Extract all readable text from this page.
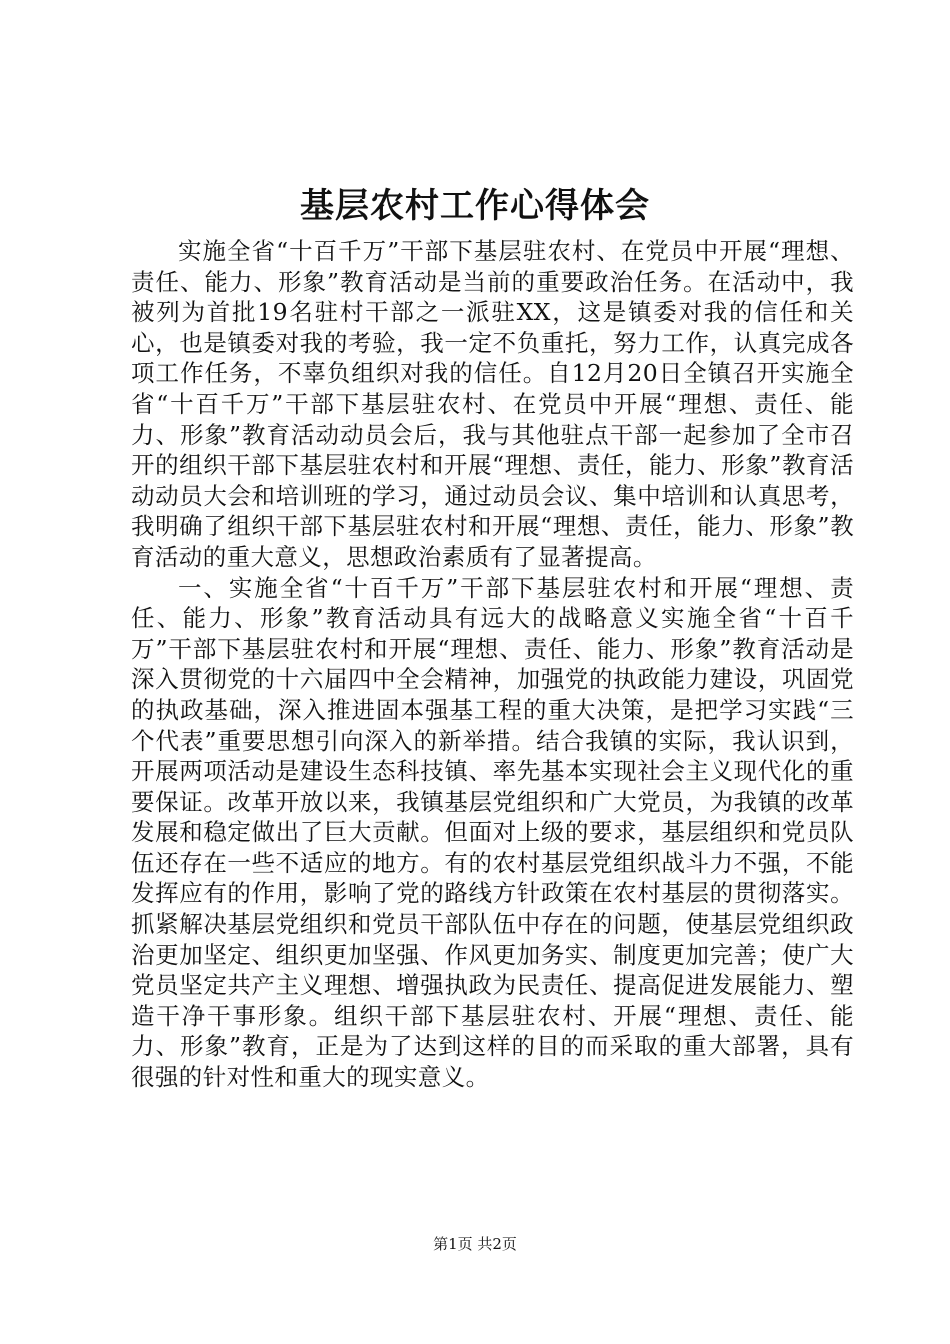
基层农村工作心得体会

实施全省“十百千万”干部下基层驻农村、在党员中开展“理想、责任、能力、形象”教育活动是当前的重要政治任务。在活动中，我被列为首批19名驻村干部之一派驻XX，这是镇委对我的信任和关心，也是镇委对我的考验，我一定不负重托，努力工作，认真完成各项工作任务，不辜负组织对我的信任。自12月20日全镇召开实施全省“十百千万”干部下基层驻农村、在党员中开展“理想、责任、能力、形象”教育活动动员会后，我与其他驻点干部一起参加了全市召开的组织干部下基层驻农村和开展“理想、责任，能力、形象”教育活动动员大会和培训班的学习，通过动员会议、集中培训和认真思考，我明确了组织干部下基层驻农村和开展“理想、责任，能力、形象”教育活动的重大意义，思想政治素质有了显著提高。

一、实施全省“十百千万”干部下基层驻农村和开展“理想、责任、能力、形象”教育活动具有远大的战略意义实施全省“十百千万”干部下基层驻农村和开展“理想、责任、能力、形象”教育活动是深入贯彻党的十六届四中全会精神，加强党的执政能力建设，巩固党的执政基础，深入推进固本强基工程的重大决策，是把学习实践“三个代表”重要思想引向深入的新举措。结合我镇的实际，我认识到，开展两项活动是建设生态科技镇、率先基本实现社会主义现代化的重要保证。改革开放以来，我镇基层党组织和广大党员，为我镇的改革发展和稳定做出了巨大贡献。但面对上级的要求，基层组织和党员队伍还存在一些不适应的地方。有的农村基层党组织战斗力不强，不能发挥应有的作用，影响了党的路线方针政策在农村基层的贯彻落实。抓紧解决基层党组织和党员干部队伍中存在的问题，使基层党组织政治更加坚定、组织更加坚强、作风更加务实、制度更加完善；使广大党员坚定共产主义理想、增强执政为民责任、提高促进发展能力、塑造干净干事形象。组织干部下基层驻农村、开展“理想、责任、能力、形象”教育，正是为了达到这样的目的而采取的重大部署，具有很强的针对性和重大的现实意义。

第1页 共2页
